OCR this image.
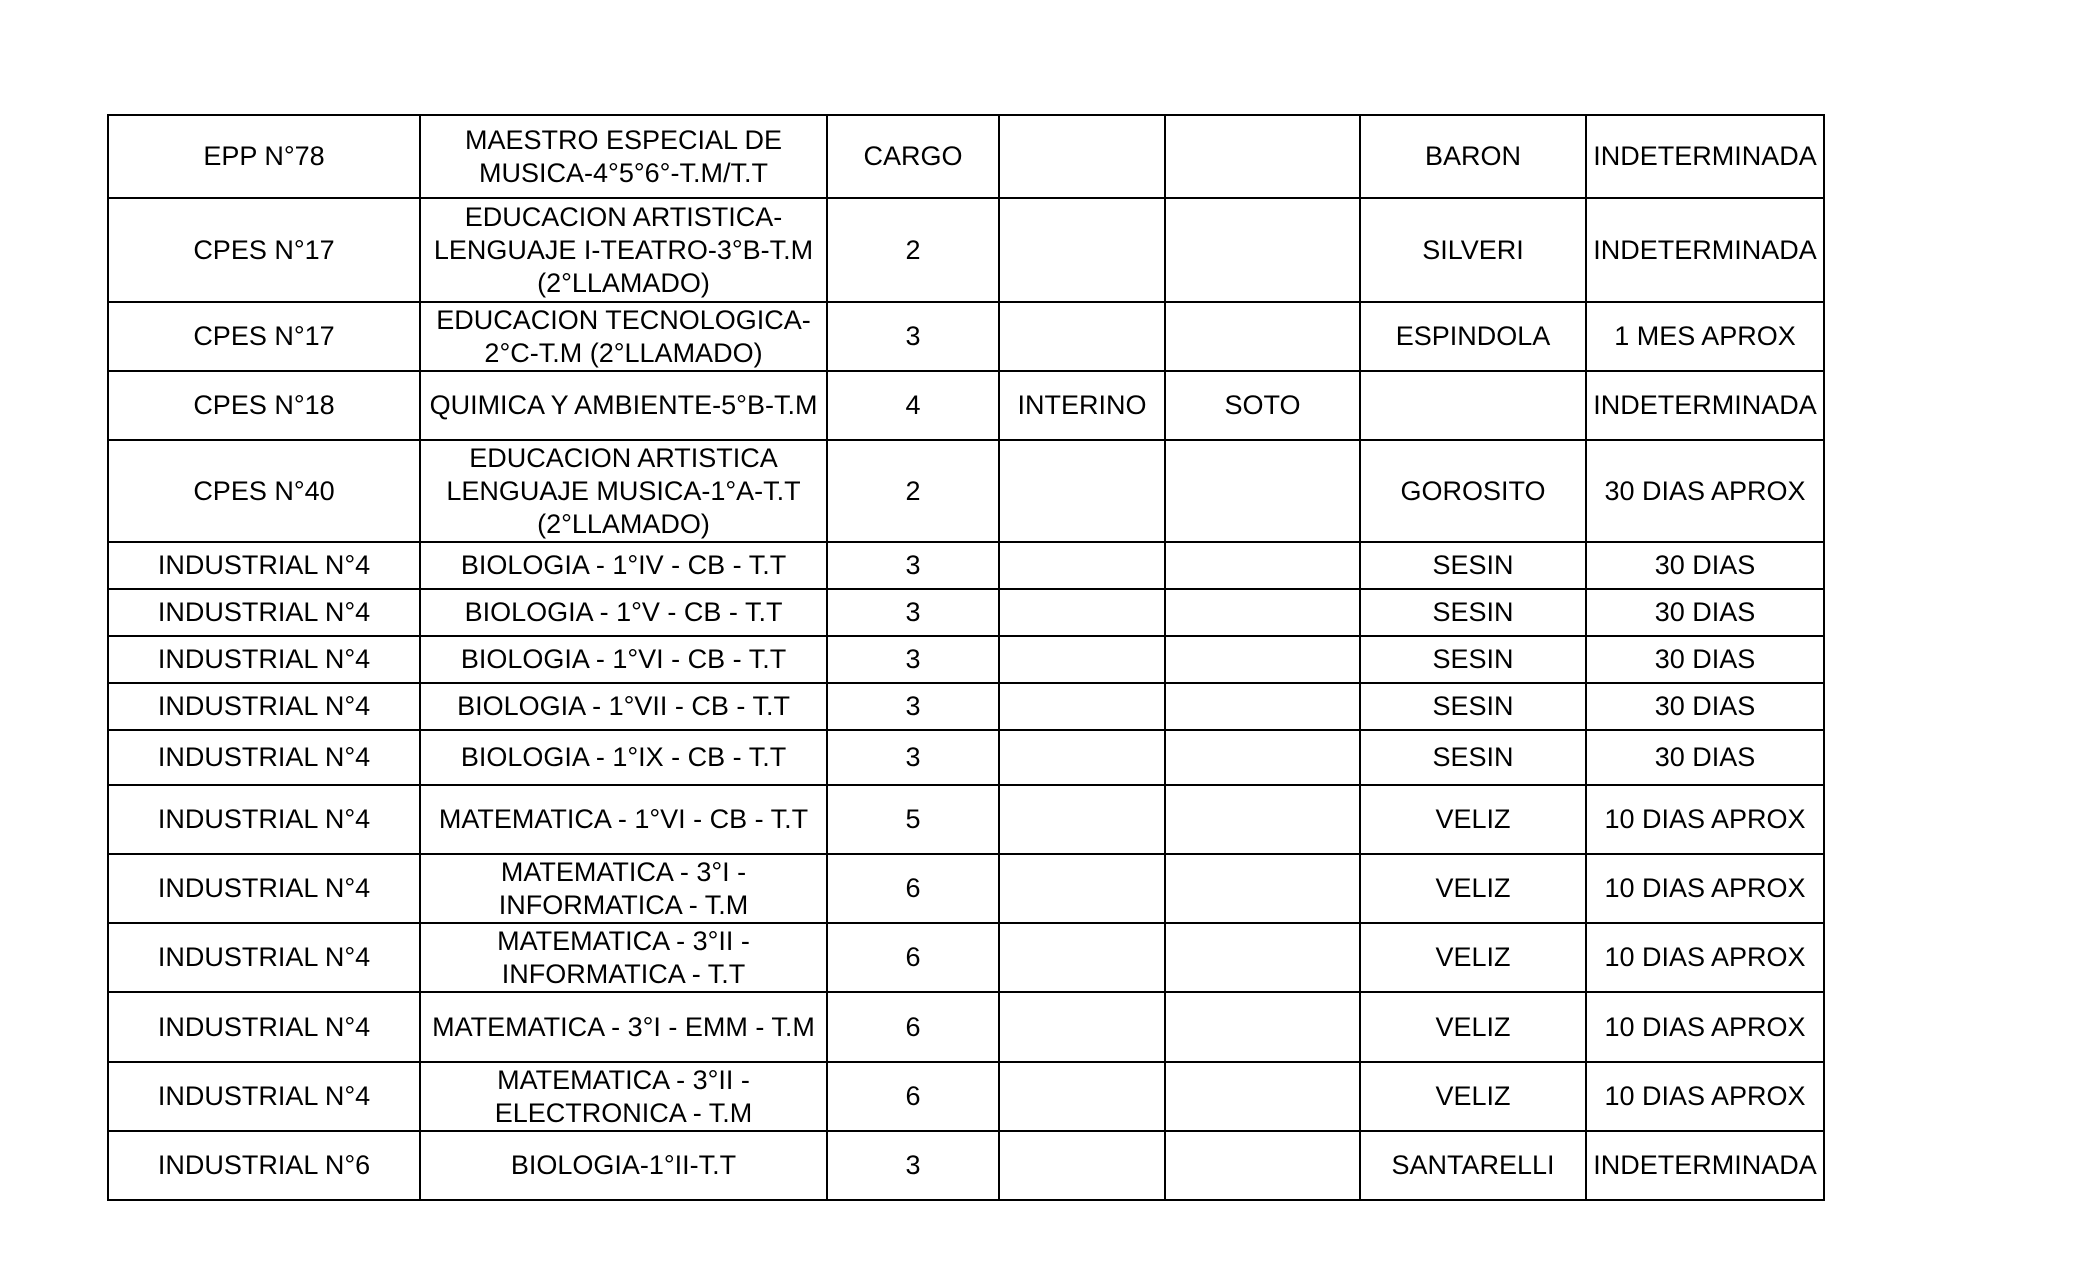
EPP N°78	MAESTRO ESPECIAL DE MUSICA-4°5°6°-T.M/T.T	CARGO			BARON	INDETERMINADA
CPES N°17	EDUCACION ARTISTICA-LENGUAJE I-TEATRO-3°B-T.M (2°LLAMADO)	2			SILVERI	INDETERMINADA
CPES N°17	EDUCACION TECNOLOGICA-2°C-T.M (2°LLAMADO)	3			ESPINDOLA	1 MES APROX
CPES N°18	QUIMICA Y AMBIENTE-5°B-T.M	4	INTERINO	SOTO		INDETERMINADA
CPES N°40	EDUCACION ARTISTICA LENGUAJE MUSICA-1°A-T.T (2°LLAMADO)	2			GOROSITO	30 DIAS APROX
INDUSTRIAL N°4	BIOLOGIA - 1°IV - CB - T.T	3			SESIN	30 DIAS
INDUSTRIAL N°4	BIOLOGIA - 1°V - CB - T.T	3			SESIN	30 DIAS
INDUSTRIAL N°4	BIOLOGIA - 1°VI - CB - T.T	3			SESIN	30 DIAS
INDUSTRIAL N°4	BIOLOGIA - 1°VII - CB - T.T	3			SESIN	30 DIAS
INDUSTRIAL N°4	BIOLOGIA - 1°IX - CB - T.T	3			SESIN	30 DIAS
INDUSTRIAL N°4	MATEMATICA - 1°VI - CB - T.T	5			VELIZ	10 DIAS APROX
INDUSTRIAL N°4	MATEMATICA - 3°I - INFORMATICA - T.M	6			VELIZ	10 DIAS APROX
INDUSTRIAL N°4	MATEMATICA - 3°II - INFORMATICA - T.T	6			VELIZ	10 DIAS APROX
INDUSTRIAL N°4	MATEMATICA - 3°I - EMM - T.M	6			VELIZ	10 DIAS APROX
INDUSTRIAL N°4	MATEMATICA - 3°II - ELECTRONICA - T.M	6			VELIZ	10 DIAS APROX
INDUSTRIAL N°6	BIOLOGIA-1°II-T.T	3			SANTARELLI	INDETERMINADA
